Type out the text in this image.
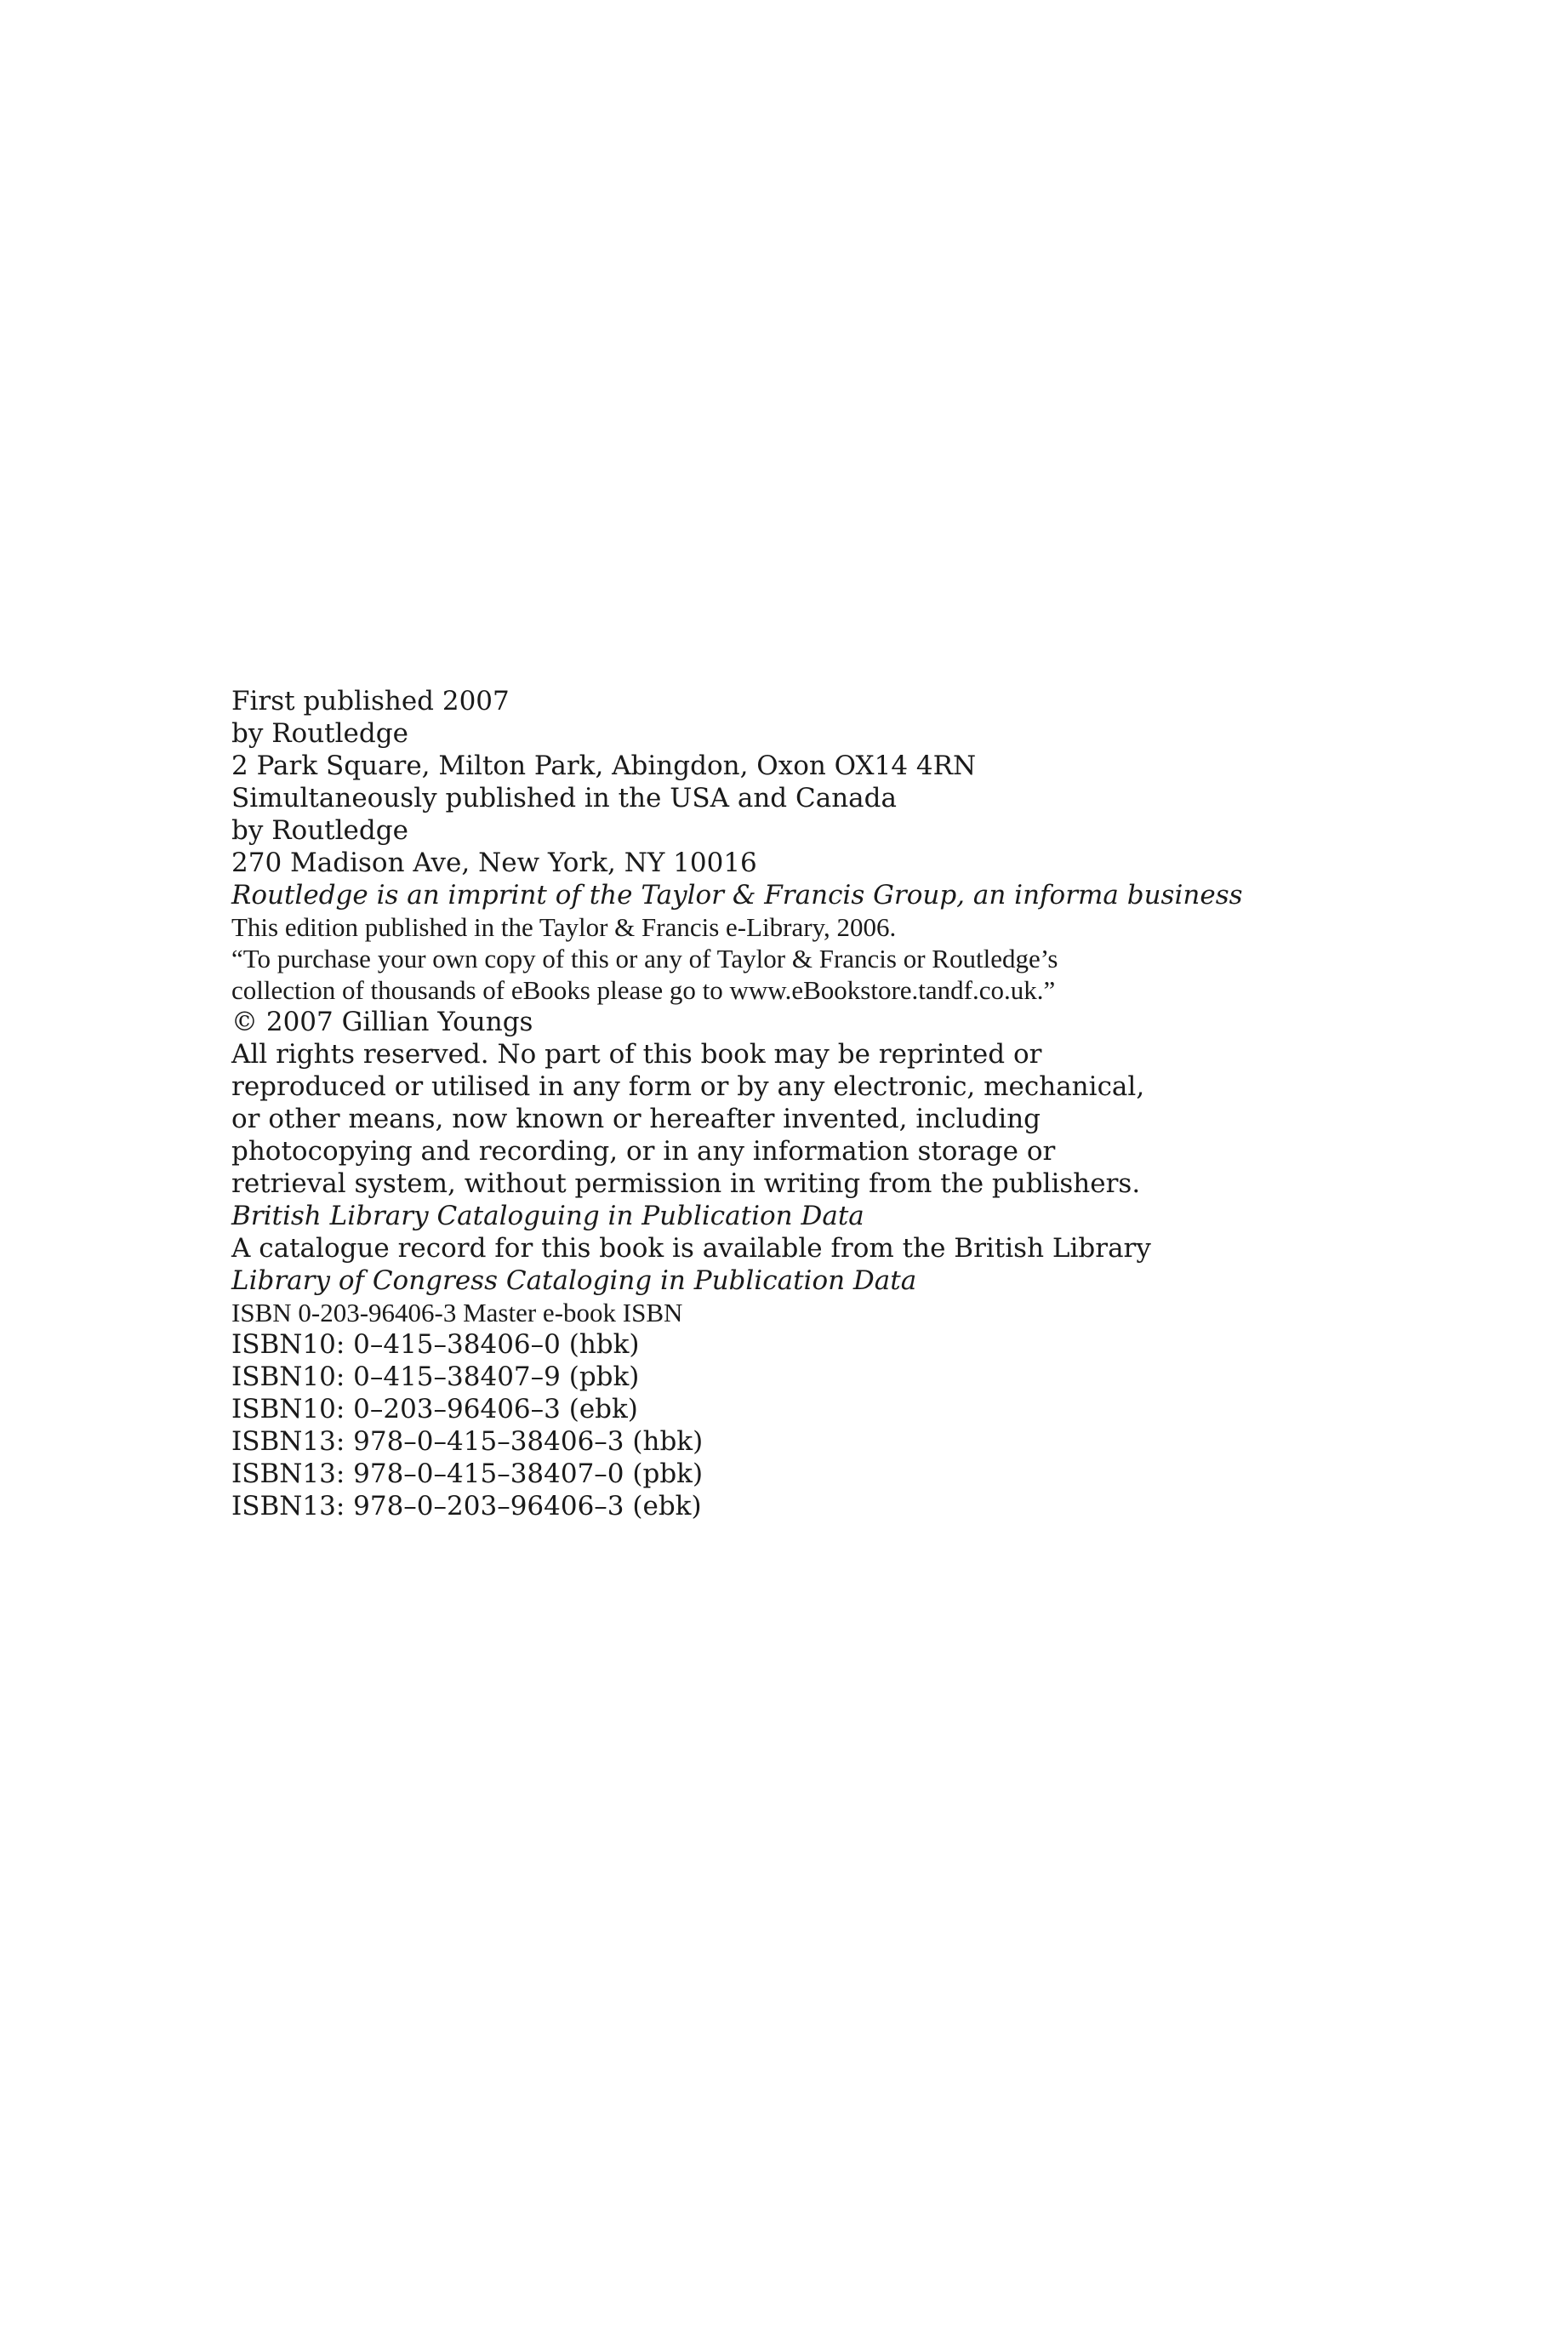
First published 2007
by Routledge
2 Park Square, Milton Park, Abingdon, Oxon OX14 4RN

Simultaneously published in the USA and Canada
by Routledge
270 Madison Ave, New York, NY 10016

Routledge is an imprint of the Taylor & Francis Group, an informa business

This edition published in the Taylor & Francis e-Library, 2006.

“To purchase your own copy of this or any of Taylor & Francis or Routledge’s
collection of thousands of eBooks please go to www.eBookstore.tandf.co.uk.”

© 2007 Gillian Youngs

All rights reserved. No part of this book may be reprinted or
reproduced or utilised in any form or by any electronic, mechanical,
or other means, now known or hereafter invented, including
photocopying and recording, or in any information storage or
retrieval system, without permission in writing from the publishers.

British Library Cataloguing in Publication Data
A catalogue record for this book is available from the British Library

Library of Congress Cataloging in Publication Data

ISBN 0-203-96406-3 Master e-book ISBN

ISBN10: 0–415–38406–0 (hbk)
ISBN10: 0–415–38407–9 (pbk)
ISBN10: 0–203–96406–3 (ebk)

ISBN13: 978–0–415–38406–3 (hbk)
ISBN13: 978–0–415–38407–0 (pbk)
ISBN13: 978–0–203–96406–3 (ebk)
